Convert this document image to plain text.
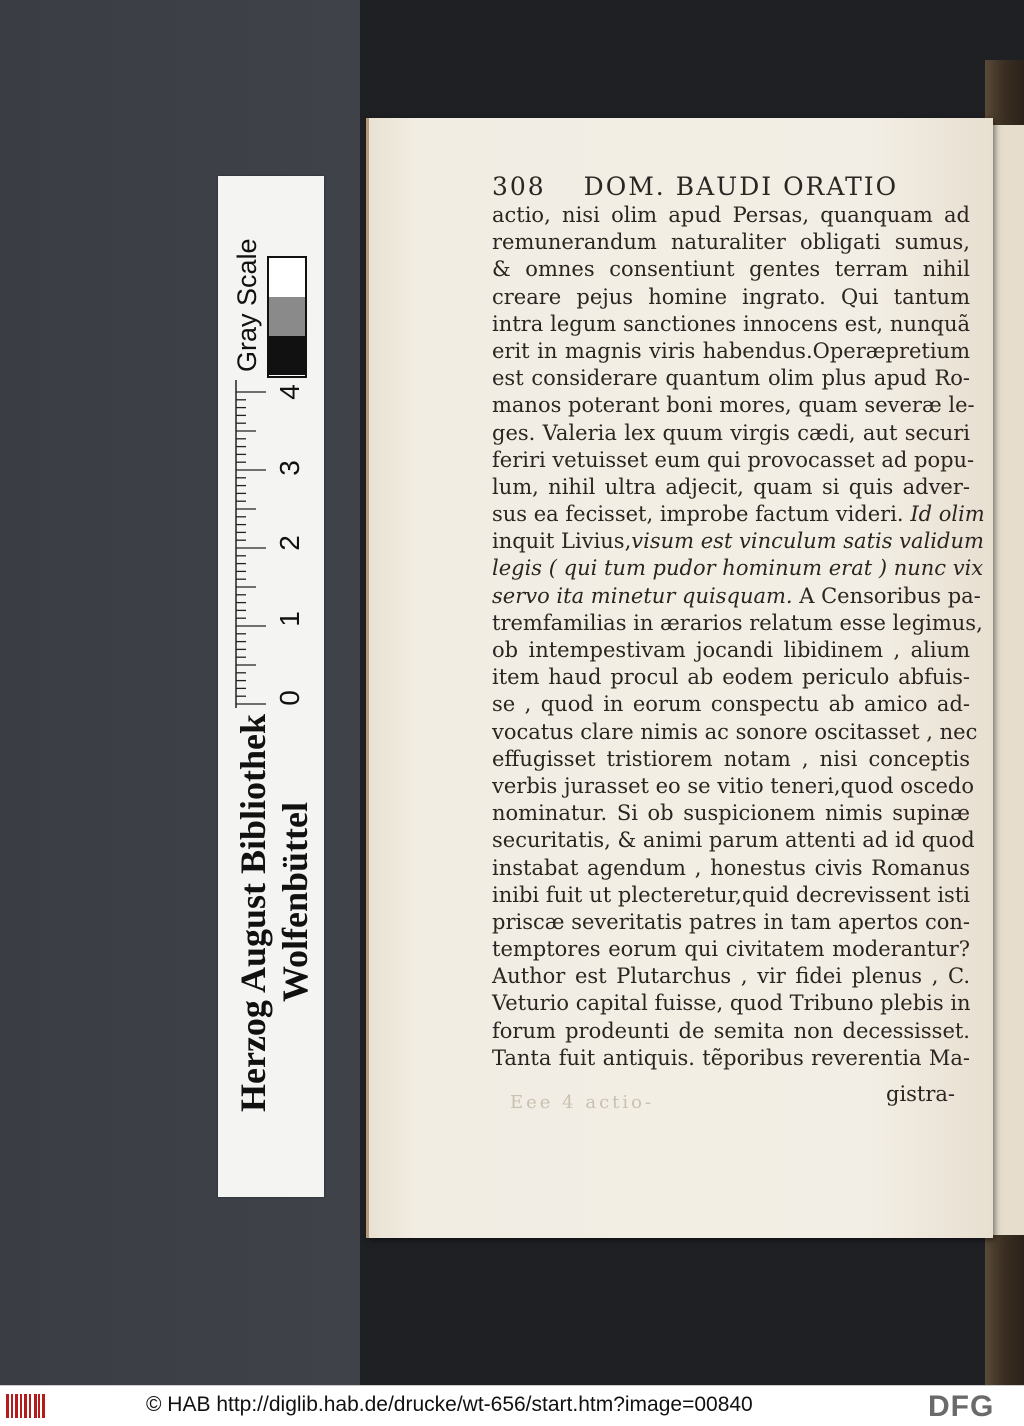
308 DOM. BAUDI ORATIO
actio, nisi olim apud Persas, quanquam ad
remunerandum naturaliter obligati sumus,
& omnes consentiunt gentes terram nihil
creare pejus homine ingrato. Qui tantum
intra legum sanctiones innocens est, nunquã
erit in magnis viris habendus.Operæpretium
est considerare quantum olim plus apud Ro-
manos poterant boni mores, quam severæ le-
ges. Valeria lex quum virgis cædi, aut securi
feriri vetuisset eum qui provocasset ad popu-
lum, nihil ultra adjecit, quam si quis adver-
sus ea fecisset, improbe factum videri. Id olim
inquit Livius,visum est vinculum satis validum
legis ( qui tum pudor hominum erat ) nunc vix
servo ita minetur quisquam. A Censoribus pa-
tremfamilias in ærarios relatum esse legimus,
ob intempestivam jocandi libidinem , alium
item haud procul ab eodem periculo abfuis-
se , quod in eorum conspectu ab amico ad-
vocatus clare nimis ac sonore oscitasset , nec
effugisset tristiorem notam , nisi conceptis
verbis jurasset eo se vitio teneri,quod oscedo
nominatur. Si ob suspicionem nimis supinæ
securitatis, & animi parum attenti ad id quod
instabat agendum , honestus civis Romanus
inibi fuit ut plecteretur,quid decrevissent isti
priscæ severitatis patres in tam apertos con-
temptores eorum qui civitatem moderantur?
Author est Plutarchus , vir fidei plenus , C.
Veturio capital fuisse, quod Tribuno plebis in
forum prodeunti de semita non decessisset.
Tanta fuit antiquis. tẽporibus reverentia Ma-
Eee 4 actio-	gistra-
Herzog August Bibliothek Wolfenbüttel
Gray Scale
0
1
2
3
4
© HAB http://diglib.hab.de/drucke/wt-656/start.htm?image=00840	DFG
